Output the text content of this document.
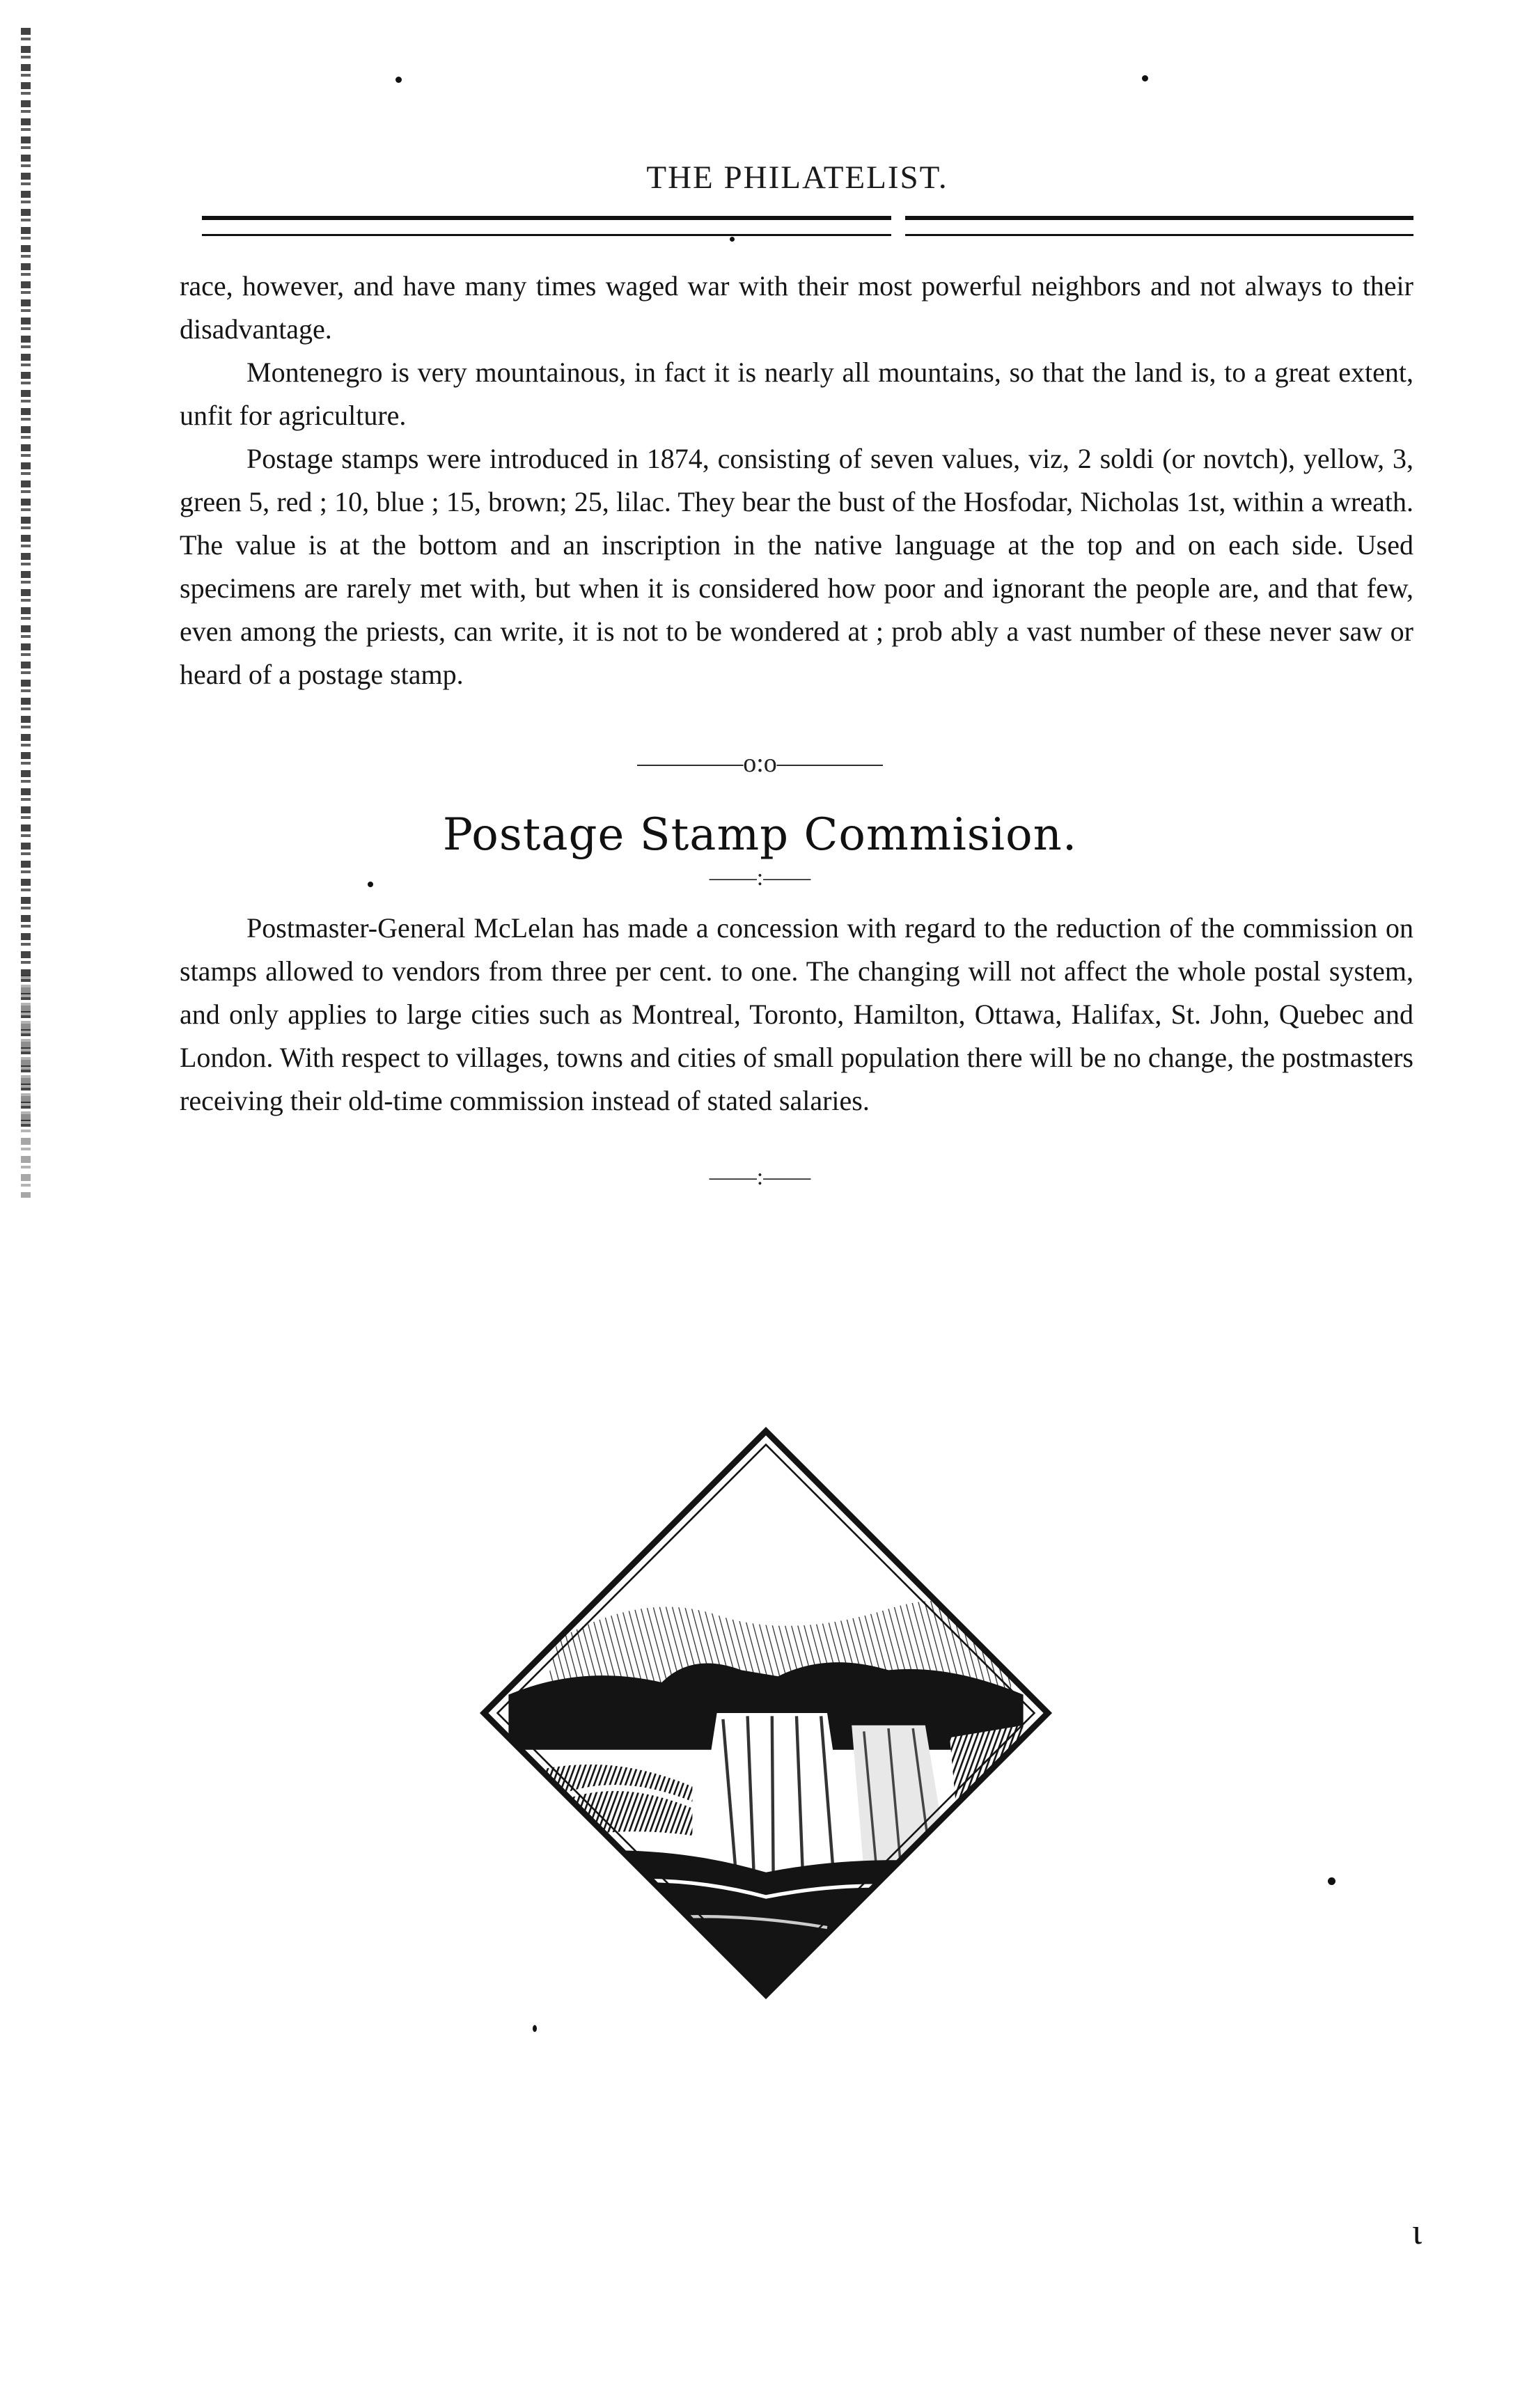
THE PHILATELIST.

race, however, and have many times waged war with their most powerful neighbors and not always to their disadvantage.

Montenegro is very mountainous, in fact it is nearly all mountains, so that the land is, to a great extent, unfit for agriculture.

Postage stamps were introduced in 1874, consisting of seven values, viz, 2 soldi (or novtch), yellow, 3, green 5, red ; 10, blue ; 15, brown; 25, lilac. They bear the bust of the Hosfodar, Nicholas 1st, within a wreath. The value is at the bottom and an inscription in the native language at the top and on each side. Used specimens are rarely met with, but when it is considered how poor and ignorant the people are, and that few, even among the priests, can write, it is not to be wondered at ; prob ably a vast number of these never saw or heard of a postage stamp.

————o:o————
Postage Stamp Commision.
——:——

Postmaster-General McLelan has made a concession with regard to the reduction of the commission on stamps allowed to vendors from three per cent. to one. The changing will not affect the whole postal system, and only applies to large cities such as Montreal, Toronto, Hamilton, Ottawa, Halifax, St. John, Quebec and London. With respect to villages, towns and cities of small population there will be no change, the postmasters receiving their old-time commission instead of stated salaries.

——:——
ι
